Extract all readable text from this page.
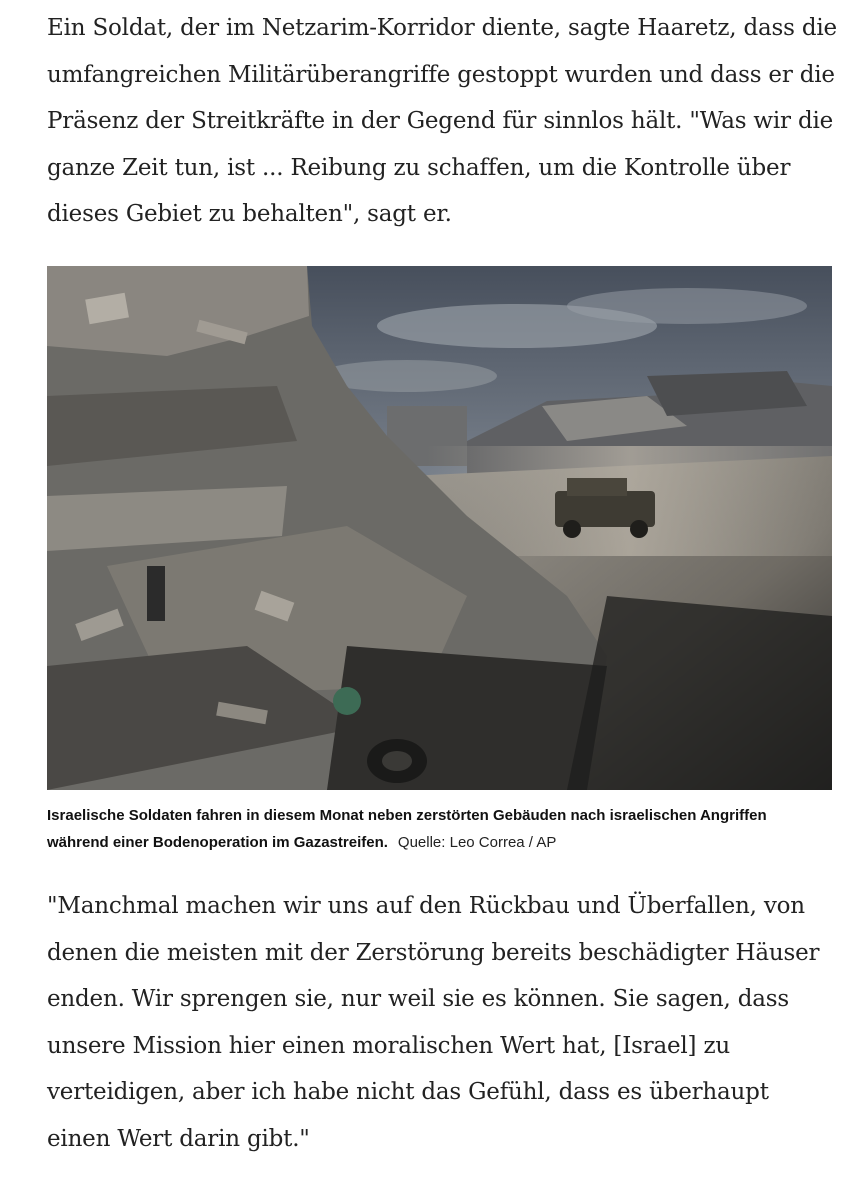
Ein Soldat, der im Netzarim-Korridor diente, sagte Haaretz, dass die umfangreichen Militärüberangriffe gestoppt wurden und dass er die Präsenz der Streitkräfte in der Gegend für sinnlos hält. "Was wir die ganze Zeit tun, ist ... Reibung zu schaffen, um die Kontrolle über dieses Gebiet zu behalten", sagt er.

Israelische Soldaten fahren in diesem Monat neben zerstörten Gebäuden nach israelischen Angriffen während einer Bodenoperation im Gazastreifen. Quelle: Leo Correa / AP

"Manchmal machen wir uns auf den Rückbau und Überfallen, von denen die meisten mit der Zerstörung bereits beschädigter Häuser enden. Wir sprengen sie, nur weil sie es können. Sie sagen, dass unsere Mission hier einen moralischen Wert hat, [Israel] zu verteidigen, aber ich habe nicht das Gefühl, dass es überhaupt einen Wert darin gibt."
